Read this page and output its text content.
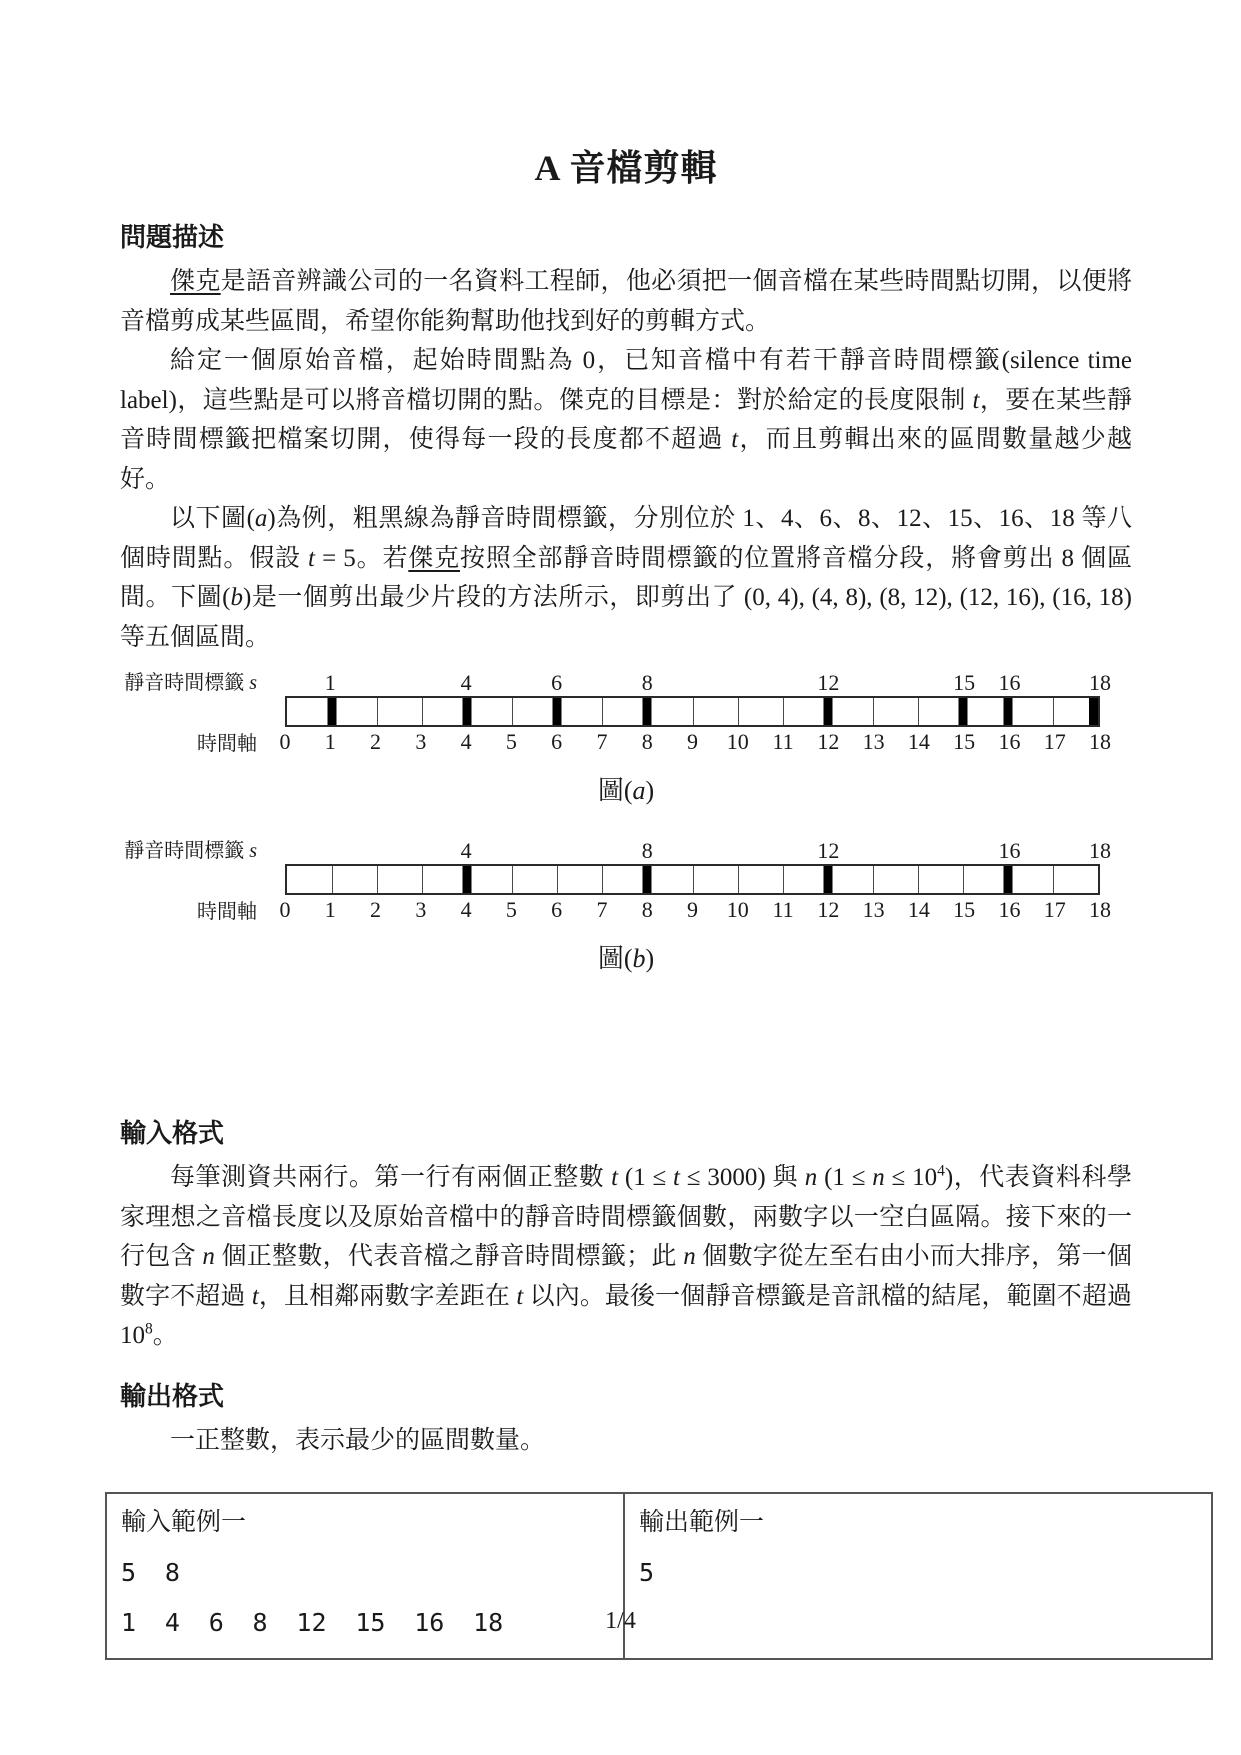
A 音檔剪輯
問題描述

傑克是語音辨識公司的一名資料工程師，他必須把一個音檔在某些時間點切開，以便將音檔剪成某些區間，希望你能夠幫助他找到好的剪輯方式。

給定一個原始音檔，起始時間點為 0，已知音檔中有若干靜音時間標籤(silence time label)，這些點是可以將音檔切開的點。傑克的目標是：對於給定的長度限制 t，要在某些靜音時間標籤把檔案切開，使得每一段的長度都不超過 t，而且剪輯出來的區間數量越少越好。

以下圖(a)為例，粗黑線為靜音時間標籤，分別位於 1、4、6、8、12、15、16、18 等八個時間點。假設 t = 5。若傑克按照全部靜音時間標籤的位置將音檔分段，將會剪出 8 個區間。下圖(b)是一個剪出最少片段的方法所示，即剪出了 (0, 4), (4, 8), (8, 12), (12, 16), (16, 18) 等五個區間。

靜音時間標籤 s	1	4	6	8	12	15 16	18
時間軸	0 1 2 3 4 5 6 7 8 9 10 11 12 13 14 15 16 17 18
圖(a)
靜音時間標籤 s	4	8	12	16	18
時間軸	0 1 2 3 4 5 6 7 8 9 10 11 12 13 14 15 16 17 18
圖(b)
輸入格式

每筆測資共兩行。第一行有兩個正整數 t (1 ≤ t ≤ 3000) 與 n $(1 \le n \le 10^4)$，代表資料科學家理想之音檔長度以及原始音檔中的靜音時間標籤個數，兩數字以一空白區隔。接下來的一行包含 n 個正整數，代表音檔之靜音時間標籤；此 n 個數字從左至右由小而大排序，第一個數字不超過 t，且相鄰兩數字差距在 t 以內。最後一個靜音標籤是音訊檔的結尾，範圍不超過 $10^8$。

輸出格式

一正整數，表示最少的區間數量。

輸入範例一
5 8
1 4 6 8 12 15 16 18

輸出範例一
5
1/4
